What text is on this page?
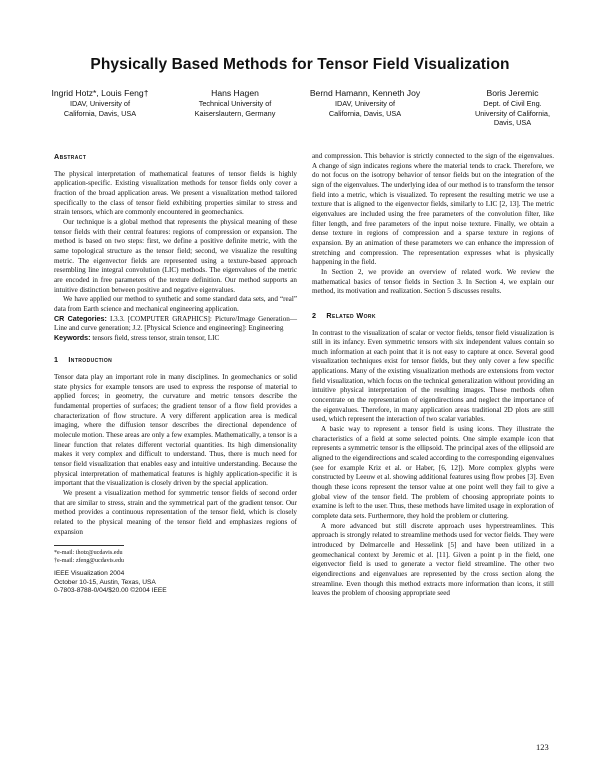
Physically Based Methods for Tensor Field Visualization
Ingrid Hotz*, Louis Feng†
IDAV, University of
California, Davis, USA
Hans Hagen
Technical University of
Kaiserslautern, Germany
Bernd Hamann, Kenneth Joy
IDAV, University of
California, Davis, USA
Boris Jeremic
Dept. of Civil Eng.
University of California,
Davis, USA
Abstract

The physical interpretation of mathematical features of tensor fields is highly application-specific. Existing visualization methods for tensor fields only cover a fraction of the broad application areas. We present a visualization method tailored specifically to the class of tensor field exhibiting properties similar to stress and strain tensors, which are commonly encountered in geomechanics.

Our technique is a global method that represents the physical meaning of these tensor fields with their central features: regions of compression or expansion. The method is based on two steps: first, we define a positive definite metric, with the same topological structure as the tensor field; second, we visualize the resulting metric. The eigenvector fields are represented using a texture-based approach resembling line integral convolution (LIC) methods. The eigenvalues of the metric are encoded in free parameters of the texture definition. Our method supports an intuitive distinction between positive and negative eigenvalues.

We have applied our method to synthetic and some standard data sets, and “real” data from Earth science and mechanical engineering application.

CR Categories: I.3.3. [COMPUTER GRAPHICS]: Picture/Image Generation—Line and curve generation; J.2. [Physical Science and engineering]: Engineering

Keywords: tensors field, stress tensor, strain tensor, LIC

1 Introduction

Tensor data play an important role in many disciplines. In geomechanics or solid state physics for example tensors are used to express the response of material to applied forces; in geometry, the curvature and metric tensors describe the fundamental properties of surfaces; the gradient tensor of a flow field provides a characterization of flow structure. A very different application area is medical imaging, where the diffusion tensor describes the directional dependence of molecule motion. These areas are only a few examples. Mathematically, a tensor is a linear function that relates different vectorial quantities. Its high dimensionality makes it very complex and difficult to understand. Thus, there is much need for tensor field visualization that enables easy and intuitive understanding. Because the physical interpretation of mathematical features is highly application-specific it is important that the visualization is closely driven by the special application.

We present a visualization method for symmetric tensor fields of second order that are similar to stress, strain and the symmetrical part of the gradient tensor. Our method provides a continuous representation of the tensor field, which is closely related to the physical meaning of the tensor field and emphasizes regions of expansion

*e-mail: ihotz@ucdavis.edu
†e-mail: zfeng@ucdavis.edu
IEEE Visualization 2004
October 10-15, Austin, Texas, USA
0-7803-8788-0/04/$20.00 ©2004 IEEE

and compression. This behavior is strictly connected to the sign of the eigenvalues. A change of sign indicates regions where the material tends to crack. Therefore, we do not focus on the isotropy behavior of tensor fields but on the integration of the sign of the eigenvalues. The underlying idea of our method is to transform the tensor field into a metric, which is visualized. To represent the resulting metric we use a texture that is aligned to the eigenvector fields, similarly to LIC [2, 13]. The metric eigenvalues are included using the free parameters of the convolution filter, like filter length, and free parameters of the input noise texture. Finally, we obtain a dense texture in regions of compression and a sparse texture in regions of expansion. By an animation of these parameters we can enhance the impression of stretching and compression. The representation expresses what is physically happening in the field.

In Section 2, we provide an overview of related work. We review the mathematical basics of tensor fields in Section 3. In Section 4, we explain our method, its motivation and realization. Section 5 discusses results.

2 Related Work

In contrast to the visualization of scalar or vector fields, tensor field visualization is still in its infancy. Even symmetric tensors with six independent values contain so much information at each point that it is not easy to capture at once. Several good visualization techniques exist for tensor fields, but they only cover a few specific applications. Many of the existing visualization methods are extensions from vector field visualization, which focus on the technical generalization without providing an intuitive physical interpretation of the resulting images. These methods often concentrate on the representation of eigendirections and neglect the importance of the eigenvalues. Therefore, in many application areas traditional 2D plots are still used, which represent the interaction of two scalar variables.

A basic way to represent a tensor field is using icons. They illustrate the characteristics of a field at some selected points. One simple example icon that represents a symmetric tensor is the ellipsoid. The principal axes of the ellipsoid are aligned to the eigendirections and scaled according to the corresponding eigenvalues (see for example Kriz et al. or Haber, [6, 12]). More complex glyphs were constructed by Leeuw et al. showing additional features using flow probes [3]. Even though these icons represent the tensor value at one point well they fail to give a global view of the tensor field. The problem of choosing appropriate points to examine is left to the user. Thus, these methods have limited usage in exploration of complete data sets. Furthermore, they hold the problem or cluttering.

A more advanced but still discrete approach uses hyperstreamlines. This approach is strongly related to streamline methods used for vector fields. They were introduced by Delmarcelle and Hesselink [5] and have been utilized in a geomechanical context by Jeremic et al. [11]. Given a point p in the field, one eigenvector field is used to generate a vector field streamline. The other two eigendirections and eigenvalues are represented by the cross section along the streamline. Even though this method extracts more information than icons, it still leaves the problem of choosing appropriate seed

123
